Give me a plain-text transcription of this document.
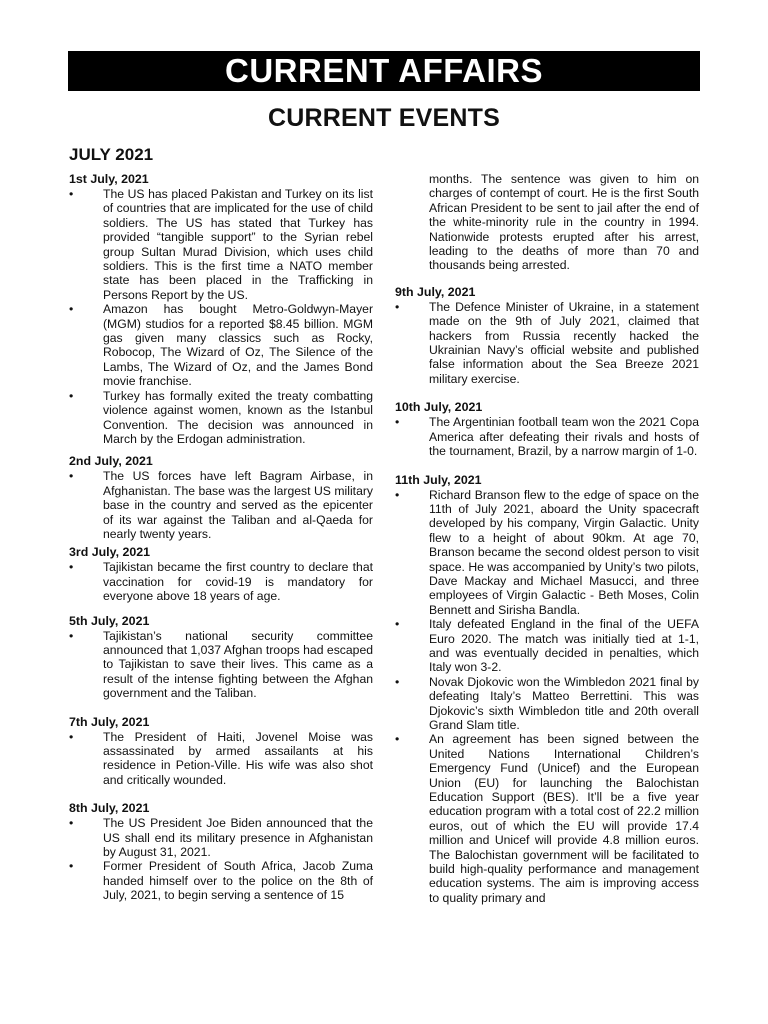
CURRENT AFFAIRS
CURRENT EVENTS
JULY 2021
1st July, 2021
• The US has placed Pakistan and Turkey on its list of countries that are implicated for the use of child soldiers. The US has stated that Turkey has provided “tangible support” to the Syrian rebel group Sultan Murad Division, which uses child soldiers. This is the first time a NATO member state has been placed in the Trafficking in Persons Report by the US.
• Amazon has bought Metro-Goldwyn-Mayer (MGM) studios for a reported $8.45 billion. MGM gas given many classics such as Rocky, Robocop, The Wizard of Oz, The Silence of the Lambs, The Wizard of Oz, and the James Bond movie franchise.
• Turkey has formally exited the treaty combatting violence against women, known as the Istanbul Convention. The decision was announced in March by the Erdogan administration.
2nd July, 2021
• The US forces have left Bagram Airbase, in Afghanistan. The base was the largest US military base in the country and served as the epicenter of its war against the Taliban and al-Qaeda for nearly twenty years.
3rd July, 2021
• Tajikistan became the first country to declare that vaccination for covid-19 is mandatory for everyone above 18 years of age.
5th July, 2021
• Tajikistan’s national security committee announced that 1,037 Afghan troops had escaped to Tajikistan to save their lives. This came as a result of the intense fighting between the Afghan government and the Taliban.
7th July, 2021
• The President of Haiti, Jovenel Moise was assassinated by armed assailants at his residence in Petion-Ville. His wife was also shot and critically wounded.
8th July, 2021
• The US President Joe Biden announced that the US shall end its military presence in Afghanistan by August 31, 2021.
• Former President of South Africa, Jacob Zuma handed himself over to the police on the 8th of July, 2021, to begin serving a sentence of 15
months. The sentence was given to him on charges of contempt of court. He is the first South African President to be sent to jail after the end of the white-minority rule in the country in 1994. Nationwide protests erupted after his arrest, leading to the deaths of more than 70 and thousands being arrested.
9th July, 2021
• The Defence Minister of Ukraine, in a statement made on the 9th of July 2021, claimed that hackers from Russia recently hacked the Ukrainian Navy’s official website and published false information about the Sea Breeze 2021 military exercise.
10th July, 2021
• The Argentinian football team won the 2021 Copa America after defeating their rivals and hosts of the tournament, Brazil, by a narrow margin of 1-0.
11th July, 2021
• Richard Branson flew to the edge of space on the 11th of July 2021, aboard the Unity spacecraft developed by his company, Virgin Galactic. Unity flew to a height of about 90km. At age 70, Branson became the second oldest person to visit space. He was accompanied by Unity’s two pilots, Dave Mackay and Michael Masucci, and three employees of Virgin Galactic - Beth Moses, Colin Bennett and Sirisha Bandla.
• Italy defeated England in the final of the UEFA Euro 2020. The match was initially tied at 1-1, and was eventually decided in penalties, which Italy won 3-2.
• Novak Djokovic won the Wimbledon 2021 final by defeating Italy’s Matteo Berrettini. This was Djokovic’s sixth Wimbledon title and 20th overall Grand Slam title.
• An agreement has been signed between the United Nations International Children’s Emergency Fund (Unicef) and the European Union (EU) for launching the Balochistan Education Support (BES). It’ll be a five year education program with a total cost of 22.2 million euros, out of which the EU will provide 17.4 million and Unicef will provide 4.8 million euros. The Balochistan government will be facilitated to build high-quality performance and management education systems. The aim is improving access to quality primary and
